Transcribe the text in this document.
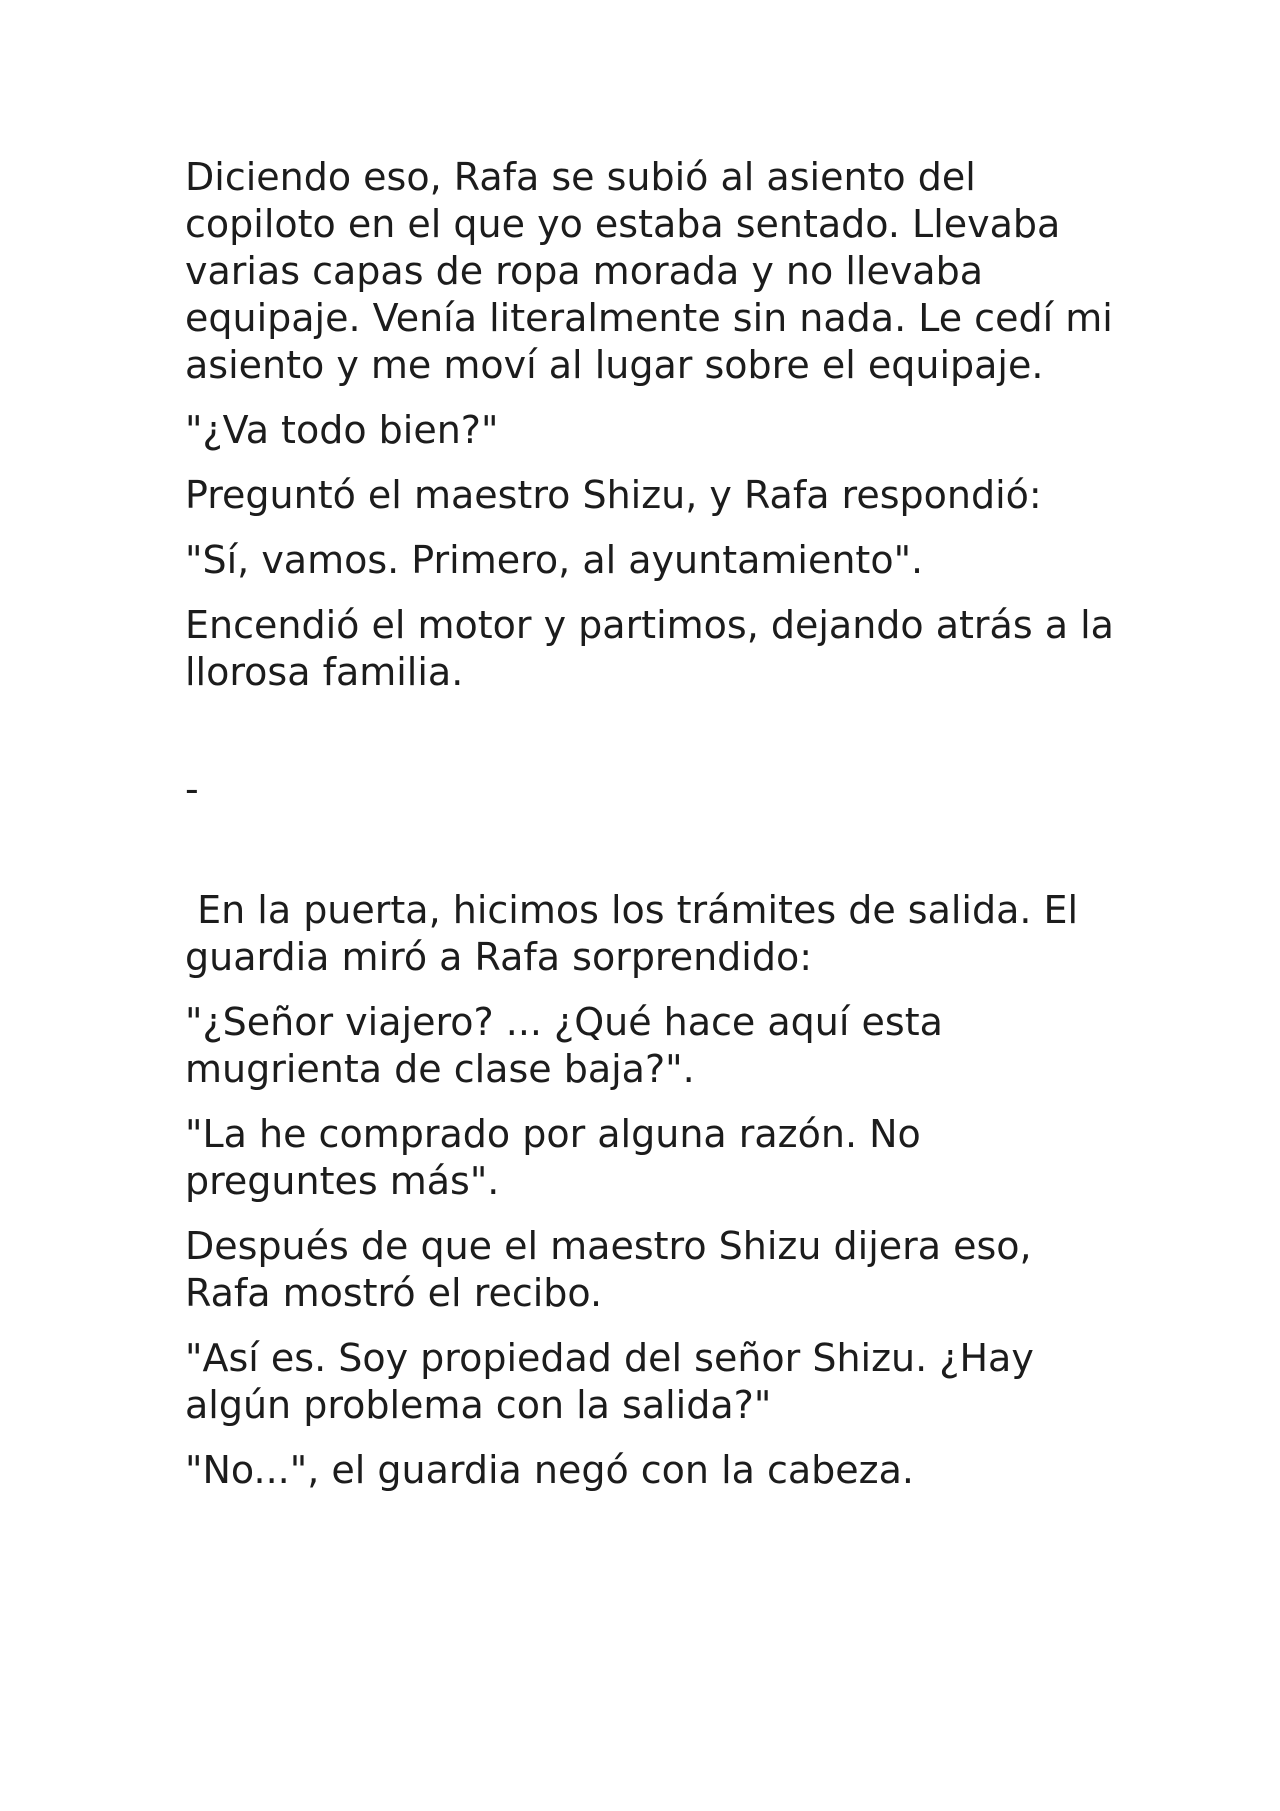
Diciendo eso, Rafa se subió al asiento del copiloto en el que yo estaba sentado. Llevaba varias capas de ropa morada y no llevaba equipaje. Venía literalmente sin nada. Le cedí mi asiento y me moví al lugar sobre el equipaje.

"¿Va todo bien?"

Preguntó el maestro Shizu, y Rafa respondió:

"Sí, vamos. Primero, al ayuntamiento".

Encendió el motor y partimos, dejando atrás a la llorosa familia.

-

En la puerta, hicimos los trámites de salida. El guardia miró a Rafa sorprendido:

"¿Señor viajero? ... ¿Qué hace aquí esta mugrienta de clase baja?".

"La he comprado por alguna razón. No preguntes más".

Después de que el maestro Shizu dijera eso, Rafa mostró el recibo.

"Así es. Soy propiedad del señor Shizu. ¿Hay algún problema con la salida?"

"No...", el guardia negó con la cabeza.
